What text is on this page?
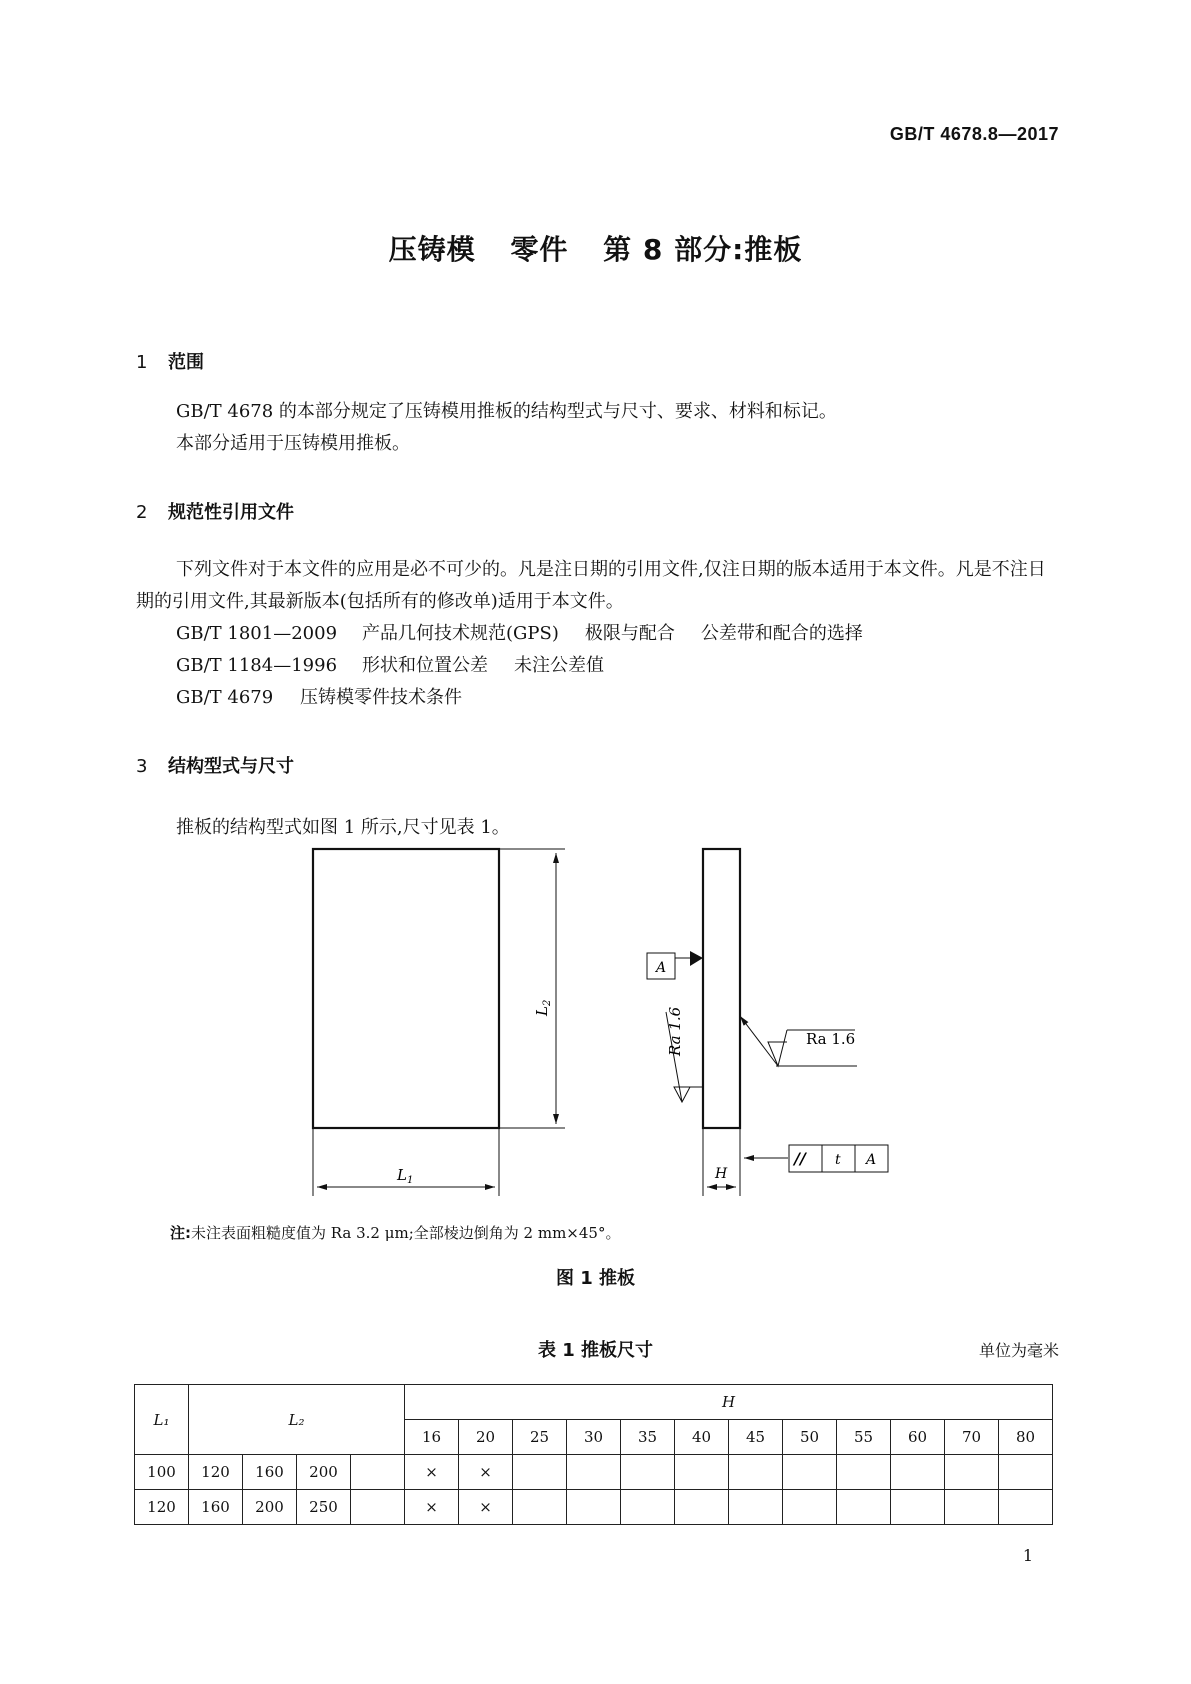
GB/T 4678.8—2017
压铸模 零件 第 8 部分:推板
1 范围
GB/T 4678 的本部分规定了压铸模用推板的结构型式与尺寸、要求、材料和标记。
本部分适用于压铸模用推板。
2 规范性引用文件
下列文件对于本文件的应用是必不可少的。凡是注日期的引用文件,仅注日期的版本适用于本文件。凡是不注日期的引用文件,其最新版本(包括所有的修改单)适用于本文件。
GB/T 1801—2009 产品几何技术规范(GPS) 极限与配合 公差带和配合的选择
GB/T 1184—1996 形状和位置公差 未注公差值
GB/T 4679 压铸模零件技术条件
3 结构型式与尺寸
推板的结构型式如图 1 所示,尺寸见表 1。
$L_2$
$L_1$
A
Ra 1.6	Ra 1.6
H
// t A
注:未注表面粗糙度值为 Ra 3.2 μm;全部棱边倒角为 2 mm×45°。
图 1 推板
表 1 推板尺寸	单位为毫米
L₁	L₂				H											
					16	20	25	30	35	40	45	50	55	60	70	80
100	120	160	200		×	×										
120	160	200	250		×	×										
1
